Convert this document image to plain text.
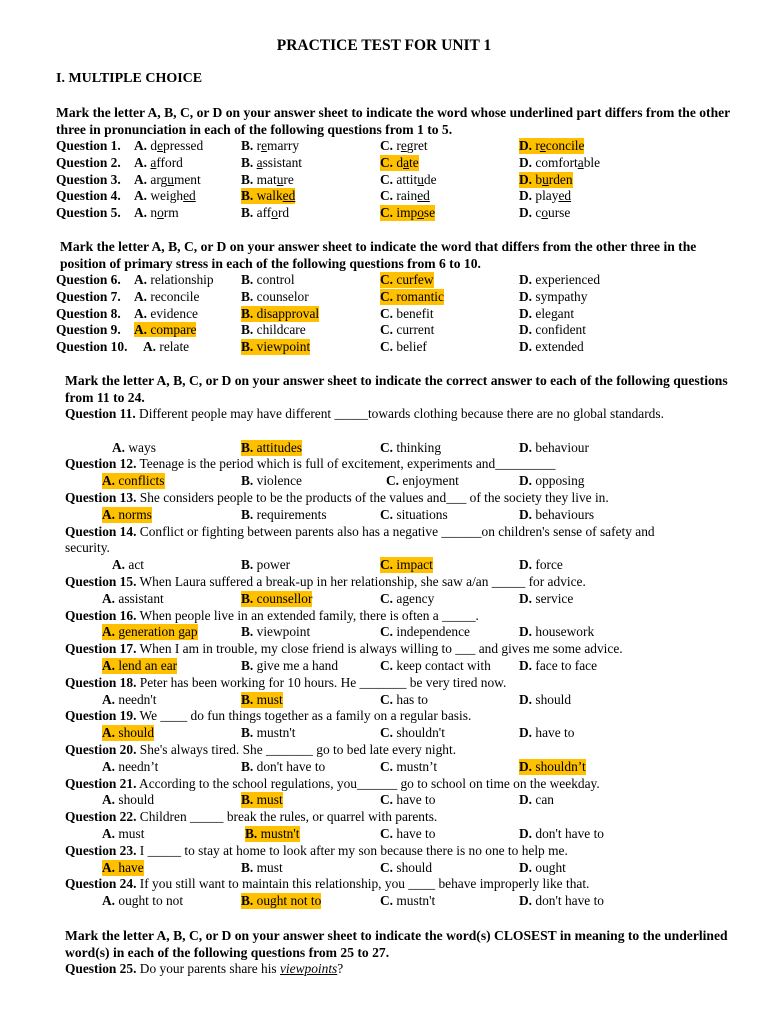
PRACTICE TEST FOR UNIT 1
I. MULTIPLE CHOICE
Mark the letter A, B, C, or D on your answer sheet to indicate the word whose underlined part differs from the other three in pronunciation in each of the following questions from 1 to 5.
Question 1. A. depressed	B. remarry	C. regret	D. reconcile
Question 2. A. afford	B. assistant	C. date	D. comfortable
Question 3. A. argument	B. mature	C. attitude	D. burden
Question 4. A. weighed	B. walked	C. rained	D. played
Question 5. A. norm	B. afford	C. impose	D. course
Mark the letter A, B, C, or D on your answer sheet to indicate the word that differs from the other three in the position of primary stress in each of the following questions from 6 to 10.
Question 6. A. relationship B. control	C. curfew	D. experienced
Question 7. A. reconcile	B. counselor	C. romantic	D. sympathy
Question 8. A. evidence	B. disapproval	C. benefit	D. elegant
Question 9. A. compare	B. childcare	C. current	D. confident
Question 10. A. relate	B. viewpoint	C. belief	D. extended
Mark the letter A, B, C, or D on your answer sheet to indicate the correct answer to each of the following questions from 11 to 24.
Question 11. Different people may have different _____towards clothing because there are no global standards.
A. ways	B. attitudes	C. thinking	D. behaviour
Question 12. Teenage is the period which is full of excitement, experiments and_________
A. conflicts	B. violence	C. enjoyment	D. opposing
Question 13. She considers people to be the products of the values and___ of the society they live in.
A. norms	B. requirements	C. situations	D. behaviours
Question 14. Conflict or fighting between parents also has a negative ______on children's sense of safety and security.
A. act	B. power	C. impact	D. force
Question 15. When Laura suffered a break-up in her relationship, she saw a/an _____ for advice.
A. assistant	B. counsellor	C. agency	D. service
Question 16. When people live in an extended family, there is often a _____.
A. generation gap	B. viewpoint	C. independence	D. housework
Question 17. When I am in trouble, my close friend is always willing to ___ and gives me some advice.
A. lend an ear	B. give me a hand	C. keep contact with D. face to face
Question 18. Peter has been working for 10 hours. He _______ be very tired now.
A. needn't	B. must	C. has to	D. should
Question 19. We ____ do fun things together as a family on a regular basis.
A. should	B. mustn't	C. shouldn't	D. have to
Question 20. She's always tired. She _______ go to bed late every night.
A. needn’t	B. don't have to	C. mustn’t	D. shouldn’t
Question 21. According to the school regulations, you______ go to school on time on the weekday.
A. should	B. must	C. have to	D. can
Question 22. Children _____ break the rules, or quarrel with parents.
A. must	B. mustn't	C. have to	D. don't have to
Question 23. I _____ to stay at home to look after my son because there is no one to help me.
A. have	B. must	C. should	D. ought
Question 24. If you still want to maintain this relationship, you ____ behave improperly like that.
A. ought to not	B. ought not to	C. mustn't	D. don't have to
Mark the letter A, B, C, or D on your answer sheet to indicate the word(s) CLOSEST in meaning to the underlined word(s) in each of the following questions from 25 to 27.
Question 25. Do your parents share his viewpoints?
